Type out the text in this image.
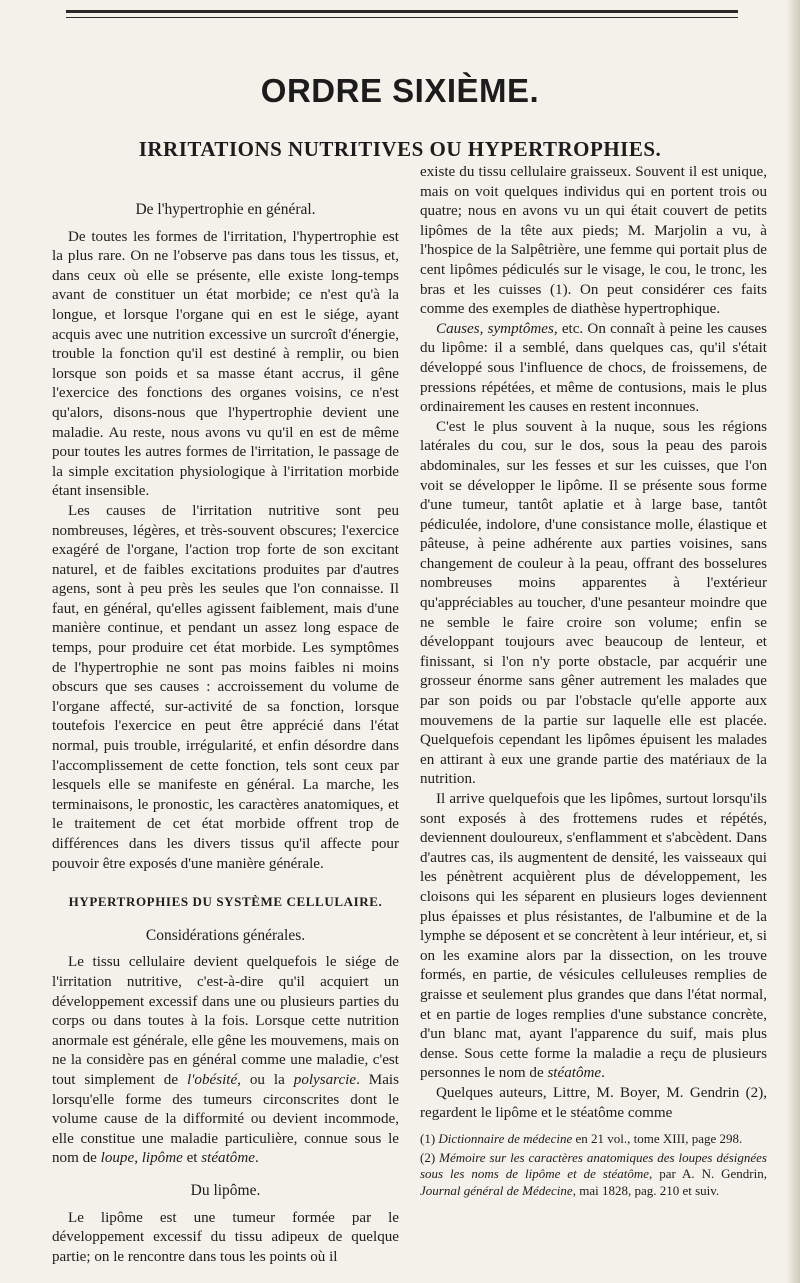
ORDRE SIXIÈME.
IRRITATIONS NUTRITIVES OU HYPERTROPHIES.
De l'hypertrophie en général.

De toutes les formes de l'irritation, l'hypertrophie est la plus rare. On ne l'observe pas dans tous les tissus, et, dans ceux où elle se présente, elle existe long-temps avant de constituer un état morbide; ce n'est qu'à la longue, et lorsque l'organe qui en est le siége, ayant acquis avec une nutrition excessive un surcroît d'énergie, trouble la fonction qu'il est destiné à remplir, ou bien lorsque son poids et sa masse étant accrus, il gêne l'exercice des fonctions des organes voisins, ce n'est qu'alors, disons-nous que l'hypertrophie devient une maladie. Au reste, nous avons vu qu'il en est de même pour toutes les autres formes de l'irritation, le passage de la simple excitation physiologique à l'irritation morbide étant insensible.

Les causes de l'irritation nutritive sont peu nombreuses, légères, et très-souvent obscures; l'exercice exagéré de l'organe, l'action trop forte de son excitant naturel, et de faibles excitations produites par d'autres agens, sont à peu près les seules que l'on connaisse. Il faut, en général, qu'elles agissent faiblement, mais d'une manière continue, et pendant un assez long espace de temps, pour produire cet état morbide. Les symptômes de l'hypertrophie ne sont pas moins faibles ni moins obscurs que ses causes : accroissement du volume de l'organe affecté, sur-activité de sa fonction, lorsque toutefois l'exercice en peut être apprécié dans l'état normal, puis trouble, irrégularité, et enfin désordre dans l'accomplissement de cette fonction, tels sont ceux par lesquels elle se manifeste en général. La marche, les terminaisons, le pronostic, les caractères anatomiques, et le traitement de cet état morbide offrent trop de différences dans les divers tissus qu'il affecte pour pouvoir être exposés d'une manière générale.

HYPERTROPHIES DU SYSTÈME CELLULAIRE.
Considérations générales.

Le tissu cellulaire devient quelquefois le siége de l'irritation nutritive, c'est-à-dire qu'il acquiert un développement excessif dans une ou plusieurs parties du corps ou dans toutes à la fois. Lorsque cette nutrition anormale est générale, elle gêne les mouvemens, mais on ne la considère pas en général comme une maladie, c'est tout simplement de l'obésité, ou la polysarcie. Mais lorsqu'elle forme des tumeurs circonscrites dont le volume cause de la difformité ou devient incommode, elle constitue une maladie particulière, connue sous le nom de loupe, lipôme et stéatôme.

Du lipôme.

Le lipôme est une tumeur formée par le développement excessif du tissu adipeux de quelque partie; on le rencontre dans tous les points où il

existe du tissu cellulaire graisseux. Souvent il est unique, mais on voit quelques individus qui en portent trois ou quatre; nous en avons vu un qui était couvert de petits lipômes de la tête aux pieds; M. Marjolin a vu, à l'hospice de la Salpêtrière, une femme qui portait plus de cent lipômes pédiculés sur le visage, le cou, le tronc, les bras et les cuisses (1). On peut considérer ces faits comme des exemples de diathèse hypertrophique.

Causes, symptômes, etc. On connaît à peine les causes du lipôme: il a semblé, dans quelques cas, qu'il s'était développé sous l'influence de chocs, de froissemens, de pressions répétées, et même de contusions, mais le plus ordinairement les causes en restent inconnues.

C'est le plus souvent à la nuque, sous les régions latérales du cou, sur le dos, sous la peau des parois abdominales, sur les fesses et sur les cuisses, que l'on voit se développer le lipôme. Il se présente sous forme d'une tumeur, tantôt aplatie et à large base, tantôt pédiculée, indolore, d'une consistance molle, élastique et pâteuse, à peine adhérente aux parties voisines, sans changement de couleur à la peau, offrant des bosselures nombreuses moins apparentes à l'extérieur qu'appréciables au toucher, d'une pesanteur moindre que ne semble le faire croire son volume; enfin se développant toujours avec beaucoup de lenteur, et finissant, si l'on n'y porte obstacle, par acquérir une grosseur énorme sans gêner autrement les malades que par son poids ou par l'obstacle qu'elle apporte aux mouvemens de la partie sur laquelle elle est placée. Quelquefois cependant les lipômes épuisent les malades en attirant à eux une grande partie des matériaux de la nutrition.

Il arrive quelquefois que les lipômes, surtout lorsqu'ils sont exposés à des frottemens rudes et répétés, deviennent douloureux, s'enflamment et s'abcèdent. Dans d'autres cas, ils augmentent de densité, les vaisseaux qui les pénètrent acquièrent plus de développement, les cloisons qui les séparent en plusieurs loges deviennent plus épaisses et plus résistantes, de l'albumine et de la lymphe se déposent et se concrètent à leur intérieur, et, si on les examine alors par la dissection, on les trouve formés, en partie, de vésicules celluleuses remplies de graisse et seulement plus grandes que dans l'état normal, et en partie de loges remplies d'une substance concrète, d'un blanc mat, ayant l'apparence du suif, mais plus dense. Sous cette forme la maladie a reçu de plusieurs personnes le nom de stéatôme.

Quelques auteurs, Littre, M. Boyer, M. Gendrin (2), regardent le lipôme et le stéatôme comme

(1) Dictionnaire de médecine en 21 vol., tome XIII, page 298.

(2) Mémoire sur les caractères anatomiques des loupes désignées sous les noms de lipôme et de stéatôme, par A. N. Gendrin, Journal général de Médecine, mai 1828, pag. 210 et suiv.
